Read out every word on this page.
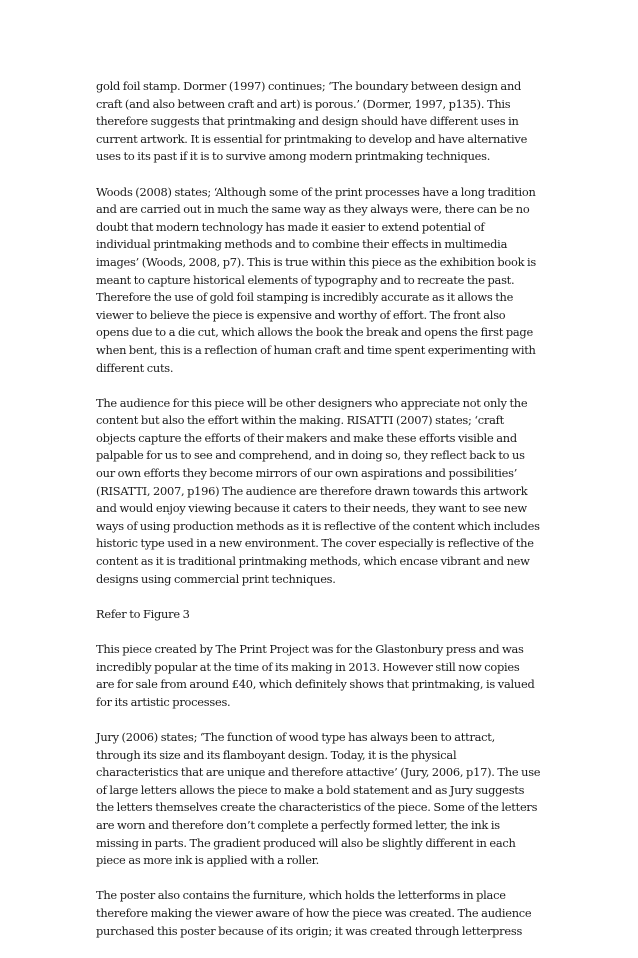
gold foil stamp. Dormer (1997) continues; ‘The boundary between design and
craft (and also between craft and art) is porous.’ (Dormer, 1997, p135). This
therefore suggests that printmaking and design should have different uses in
current artwork. It is essential for printmaking to develop and have alternative
uses to its past if it is to survive among modern printmaking techniques.

Woods (2008) states; ‘Although some of the print processes have a long tradition
and are carried out in much the same way as they always were, there can be no
doubt that modern technology has made it easier to extend potential of
individual printmaking methods and to combine their effects in multimedia
images’ (Woods, 2008, p7). This is true within this piece as the exhibition book is
meant to capture historical elements of typography and to recreate the past.
Therefore the use of gold foil stamping is incredibly accurate as it allows the
viewer to believe the piece is expensive and worthy of effort. The front also
opens due to a die cut, which allows the book the break and opens the first page
when bent, this is a reflection of human craft and time spent experimenting with
different cuts.

The audience for this piece will be other designers who appreciate not only the
content but also the effort within the making. RISATTI (2007) states; ‘craft
objects capture the efforts of their makers and make these efforts visible and
palpable for us to see and comprehend, and in doing so, they reflect back to us
our own efforts they become mirrors of our own aspirations and possibilities’
(RISATTI, 2007, p196) The audience are therefore drawn towards this artwork
and would enjoy viewing because it caters to their needs, they want to see new
ways of using production methods as it is reflective of the content which includes
historic type used in a new environment. The cover especially is reflective of the
content as it is traditional printmaking methods, which encase vibrant and new
designs using commercial print techniques.

Refer to Figure 3

This piece created by The Print Project was for the Glastonbury press and was
incredibly popular at the time of its making in 2013. However still now copies
are for sale from around £40, which definitely shows that printmaking, is valued
for its artistic processes.

Jury (2006) states; ‘The function of wood type has always been to attract,
through its size and its flamboyant design. Today, it is the physical
characteristics that are unique and therefore attactive’ (Jury, 2006, p17). The use
of large letters allows the piece to make a bold statement and as Jury suggests
the letters themselves create the characteristics of the piece. Some of the letters
are worn and therefore don’t complete a perfectly formed letter, the ink is
missing in parts. The gradient produced will also be slightly different in each
piece as more ink is applied with a roller.

The poster also contains the furniture, which holds the letterforms in place
therefore making the viewer aware of how the piece was created. The audience
purchased this poster because of its origin; it was created through letterpress
